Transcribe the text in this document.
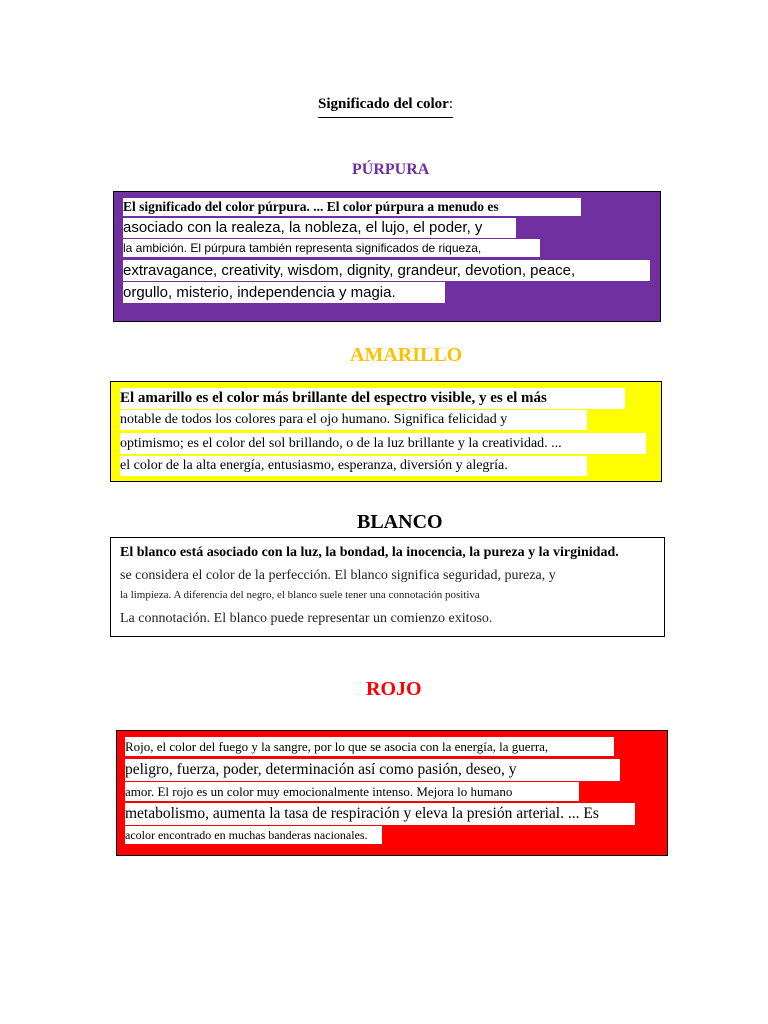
Significado del color:
PÚRPURA
El significado del color púrpura. ... El color púrpura a menudo es
asociado con la realeza, la nobleza, el lujo, el poder, y
la ambición. El púrpura también representa significados de riqueza,
extravagance, creativity, wisdom, dignity, grandeur, devotion, peace,
orgullo, misterio, independencia y magia.
AMARILLO
El amarillo es el color más brillante del espectro visible, y es el más
notable de todos los colores para el ojo humano. Significa felicidad y
optimismo; es el color del sol brillando, o de la luz brillante y la creatividad. ...
el color de la alta energía, entusiasmo, esperanza, diversión y alegría.
BLANCO
El blanco está asociado con la luz, la bondad, la inocencia, la pureza y la virginidad.
se considera el color de la perfección. El blanco significa seguridad, pureza, y
la limpieza. A diferencia del negro, el blanco suele tener una connotación positiva
La connotación. El blanco puede representar un comienzo exitoso.
ROJO
Rojo, el color del fuego y la sangre, por lo que se asocia con la energía, la guerra,
peligro, fuerza, poder, determinación así como pasión, deseo, y
amor. El rojo es un color muy emocionalmente intenso. Mejora lo humano
metabolismo, aumenta la tasa de respiración y eleva la presión arterial. ... Es
acolor encontrado en muchas banderas nacionales.
